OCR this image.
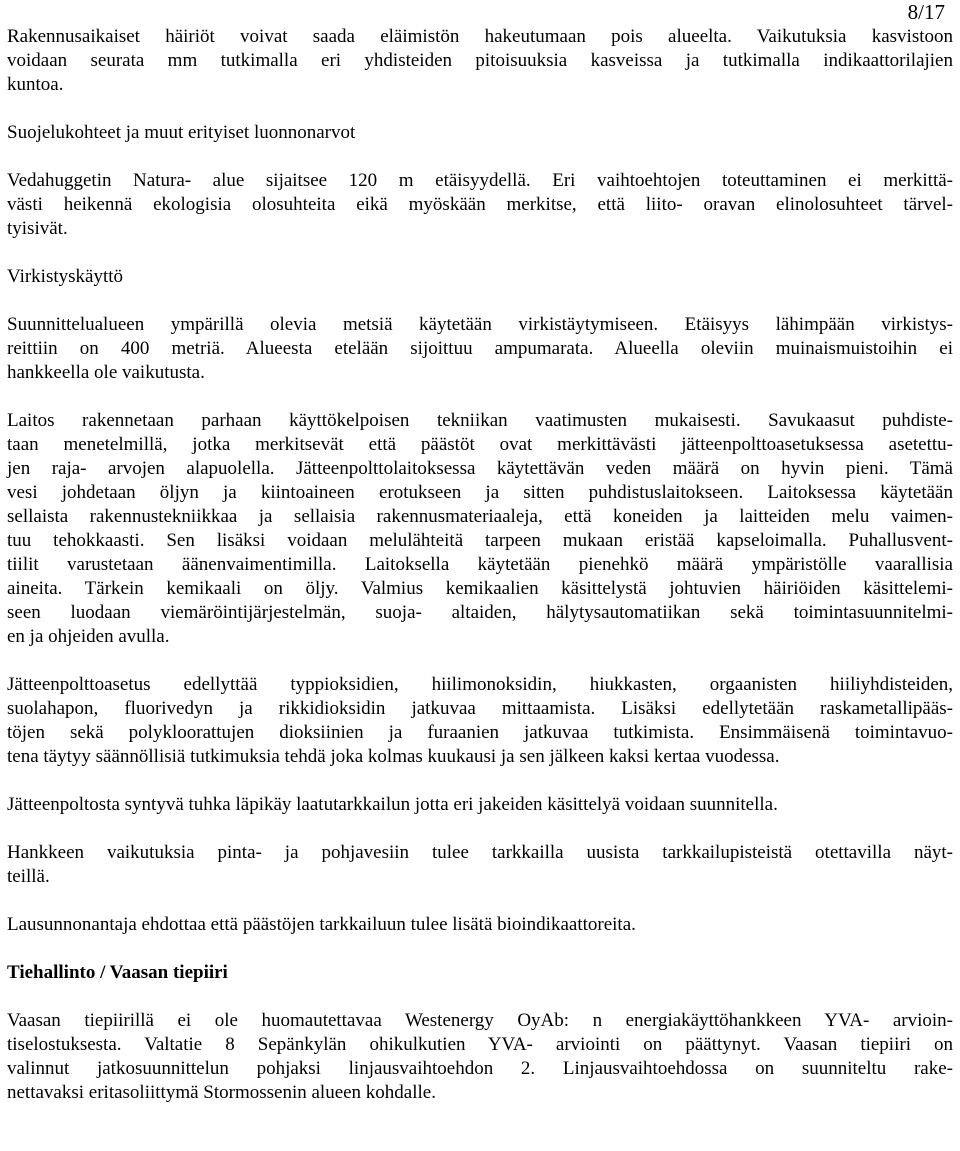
8/17
Rakennusaikaiset häiriöt voivat saada eläimistön hakeutumaan pois alueelta. Vaikutuksia kasvistoon
voidaan seurata mm tutkimalla eri yhdisteiden pitoisuuksia kasveissa ja tutkimalla indikaattorilajien
kuntoa.
Suojelukohteet ja muut erityiset luonnonarvot
Vedahuggetin Natura- alue sijaitsee 120 m etäisyydellä. Eri vaihtoehtojen toteuttaminen ei merkittä-
västi heikennä ekologisia olosuhteita eikä myöskään merkitse, että liito- oravan elinolosuhteet tärvel-
tyisivät.
Virkistyskäyttö
Suunnittelualueen ympärillä olevia metsiä käytetään virkistäytymiseen. Etäisyys lähimpään virkistys-
reittiin on 400 metriä. Alueesta etelään sijoittuu ampumarata. Alueella oleviin muinaismuistoihin ei
hankkeella ole vaikutusta.
Laitos rakennetaan parhaan käyttökelpoisen tekniikan vaatimusten mukaisesti. Savukaasut puhdiste-
taan menetelmillä, jotka merkitsevät että päästöt ovat merkittävästi jätteenpolttoasetuksessa asetettu-
jen raja- arvojen alapuolella. Jätteenpolttolaitoksessa käytettävän veden määrä on hyvin pieni. Tämä
vesi johdetaan öljyn ja kiintoaineen erotukseen ja sitten puhdistuslaitokseen. Laitoksessa käytetään
sellaista rakennustekniikkaa ja sellaisia rakennusmateriaaleja, että koneiden ja laitteiden melu vaimen-
tuu tehokkaasti. Sen lisäksi voidaan melulähteitä tarpeen mukaan eristää kapseloimalla. Puhallusvent-
tiilit varustetaan äänenvaimentimilla. Laitoksella käytetään pienehkö määrä ympäristölle vaarallisia
aineita. Tärkein kemikaali on öljy. Valmius kemikaalien käsittelystä johtuvien häiriöiden käsittelemi-
seen luodaan viemäröintijärjestelmän, suoja- altaiden, hälytysautomatiikan sekä toimintasuunnitelmi-
en ja ohjeiden avulla.
Jätteenpolttoasetus edellyttää typpioksidien, hiilimonoksidin, hiukkasten, orgaanisten hiiliyhdisteiden,
suolahapon, fluorivedyn ja rikkidioksidin jatkuvaa mittaamista. Lisäksi edellytetään raskametallipääs-
töjen sekä polykloorattujen dioksiinien ja furaanien jatkuvaa tutkimista. Ensimmäisenä toimintavuo-
tena täytyy säännöllisiä tutkimuksia tehdä joka kolmas kuukausi ja sen jälkeen kaksi kertaa vuodessa.
Jätteenpoltosta syntyvä tuhka läpikäy laatutarkkailun jotta eri jakeiden käsittelyä voidaan suunnitella.
Hankkeen vaikutuksia pinta- ja pohjavesiin tulee tarkkailla uusista tarkkailupisteistä otettavilla näyt-
teillä.
Lausunnonantaja ehdottaa että päästöjen tarkkailuun tulee lisätä bioindikaattoreita.
Tiehallinto / Vaasan tiepiiri
Vaasan tiepiirillä ei ole huomautettavaa Westenergy OyAb: n energiakäyttöhankkeen YVA- arvioin-
tiselostuksesta. Valtatie 8 Sepänkylän ohikulkutien YVA- arviointi on päättynyt. Vaasan tiepiiri on
valinnut jatkosuunnittelun pohjaksi linjausvaihtoehdon 2. Linjausvaihtoehdossa on suunniteltu rake-
nettavaksi eritasoliittymä Stormossenin alueen kohdalle.
